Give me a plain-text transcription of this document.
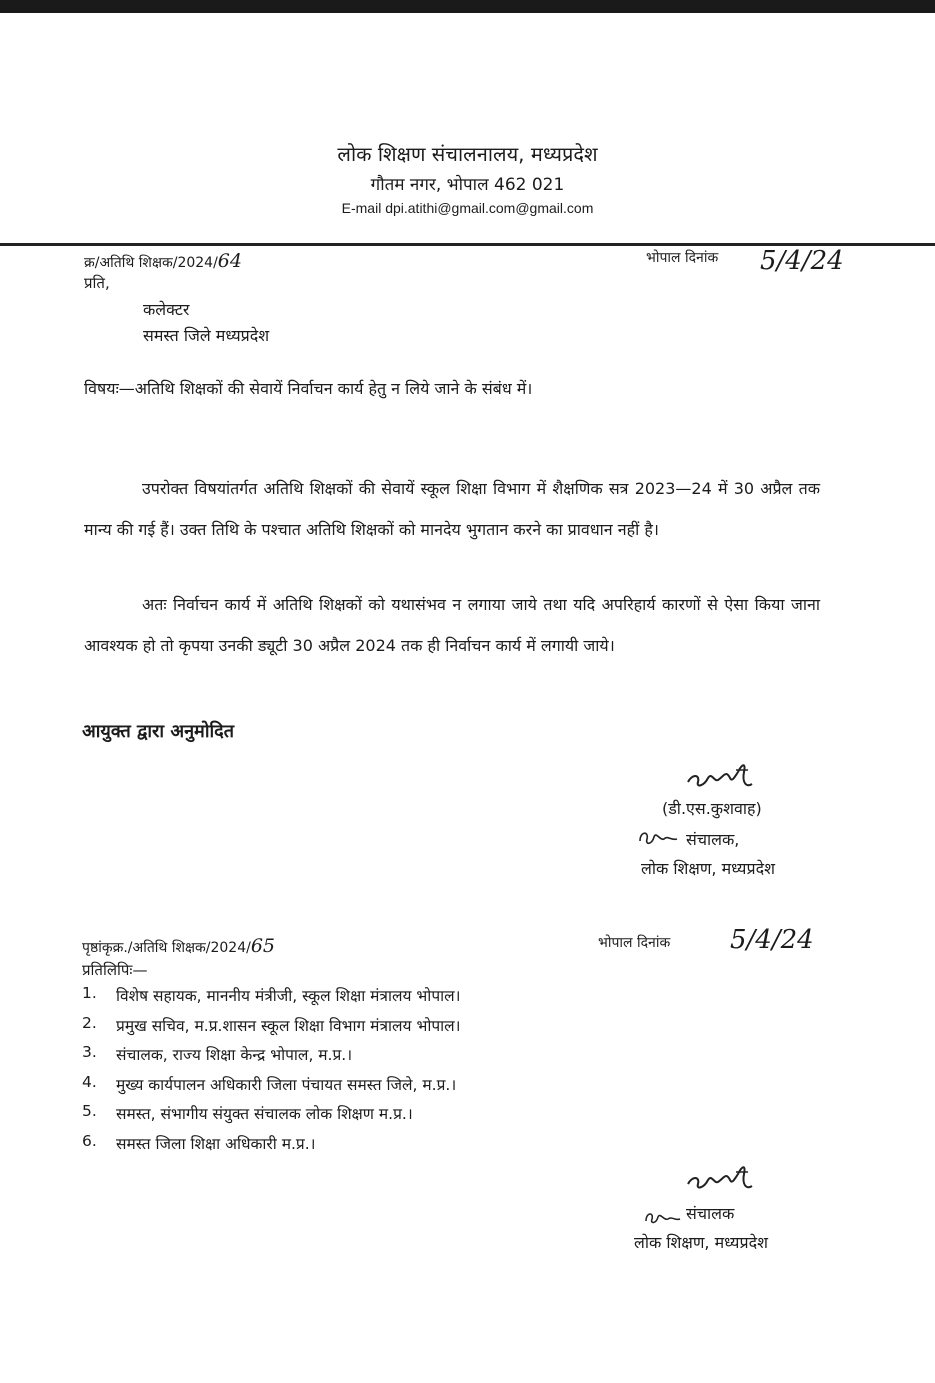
लोक शिक्षण संचालनालय, मध्यप्रदेश
गौतम नगर, भोपाल 462 021
E-mail dpi.atithi@gmail.com@gmail.com
क्र/अतिथि शिक्षक/2024/64	भोपाल दिनांक 5/4/24
प्रति,
कलेक्टर
समस्त जिले मध्यप्रदेश
विषयः—अतिथि शिक्षकों की सेवायें निर्वाचन कार्य हेतु न लिये जाने के संबंध में।
उपरोक्त विषयांतर्गत अतिथि शिक्षकों की सेवायें स्कूल शिक्षा विभाग में शैक्षणिक सत्र 2023—24 में 30 अप्रैल तक मान्य की गई हैं। उक्त तिथि के पश्चात अतिथि शिक्षकों को मानदेय भुगतान करने का प्रावधान नहीं है।
अतः निर्वाचन कार्य में अतिथि शिक्षकों को यथासंभव न लगाया जाये तथा यदि अपरिहार्य कारणों से ऐसा किया जाना आवश्यक हो तो कृपया उनकी ड्यूटी 30 अप्रैल 2024 तक ही निर्वाचन कार्य में लगायी जाये।
आयुक्त द्वारा अनुमोदित
(डी.एस.कुशवाह)
संचालक,
लोक शिक्षण, मध्यप्रदेश
पृष्ठांकृक्र./अतिथि शिक्षक/2024/65	भोपाल दिनांक 5/4/24
प्रतिलिपिः—
1.	विशेष सहायक, माननीय मंत्रीजी, स्कूल शिक्षा मंत्रालय भोपाल।
2.	प्रमुख सचिव, म.प्र.शासन स्कूल शिक्षा विभाग मंत्रालय भोपाल।
3.	संचालक, राज्य शिक्षा केन्द्र भोपाल, म.प्र.।
4.	मुख्य कार्यपालन अधिकारी जिला पंचायत समस्त जिले, म.प्र.।
5.	समस्त, संभागीय संयुक्त संचालक लोक शिक्षण म.प्र.।
6.	समस्त जिला शिक्षा अधिकारी म.प्र.।
संचालक
लोक शिक्षण, मध्यप्रदेश
